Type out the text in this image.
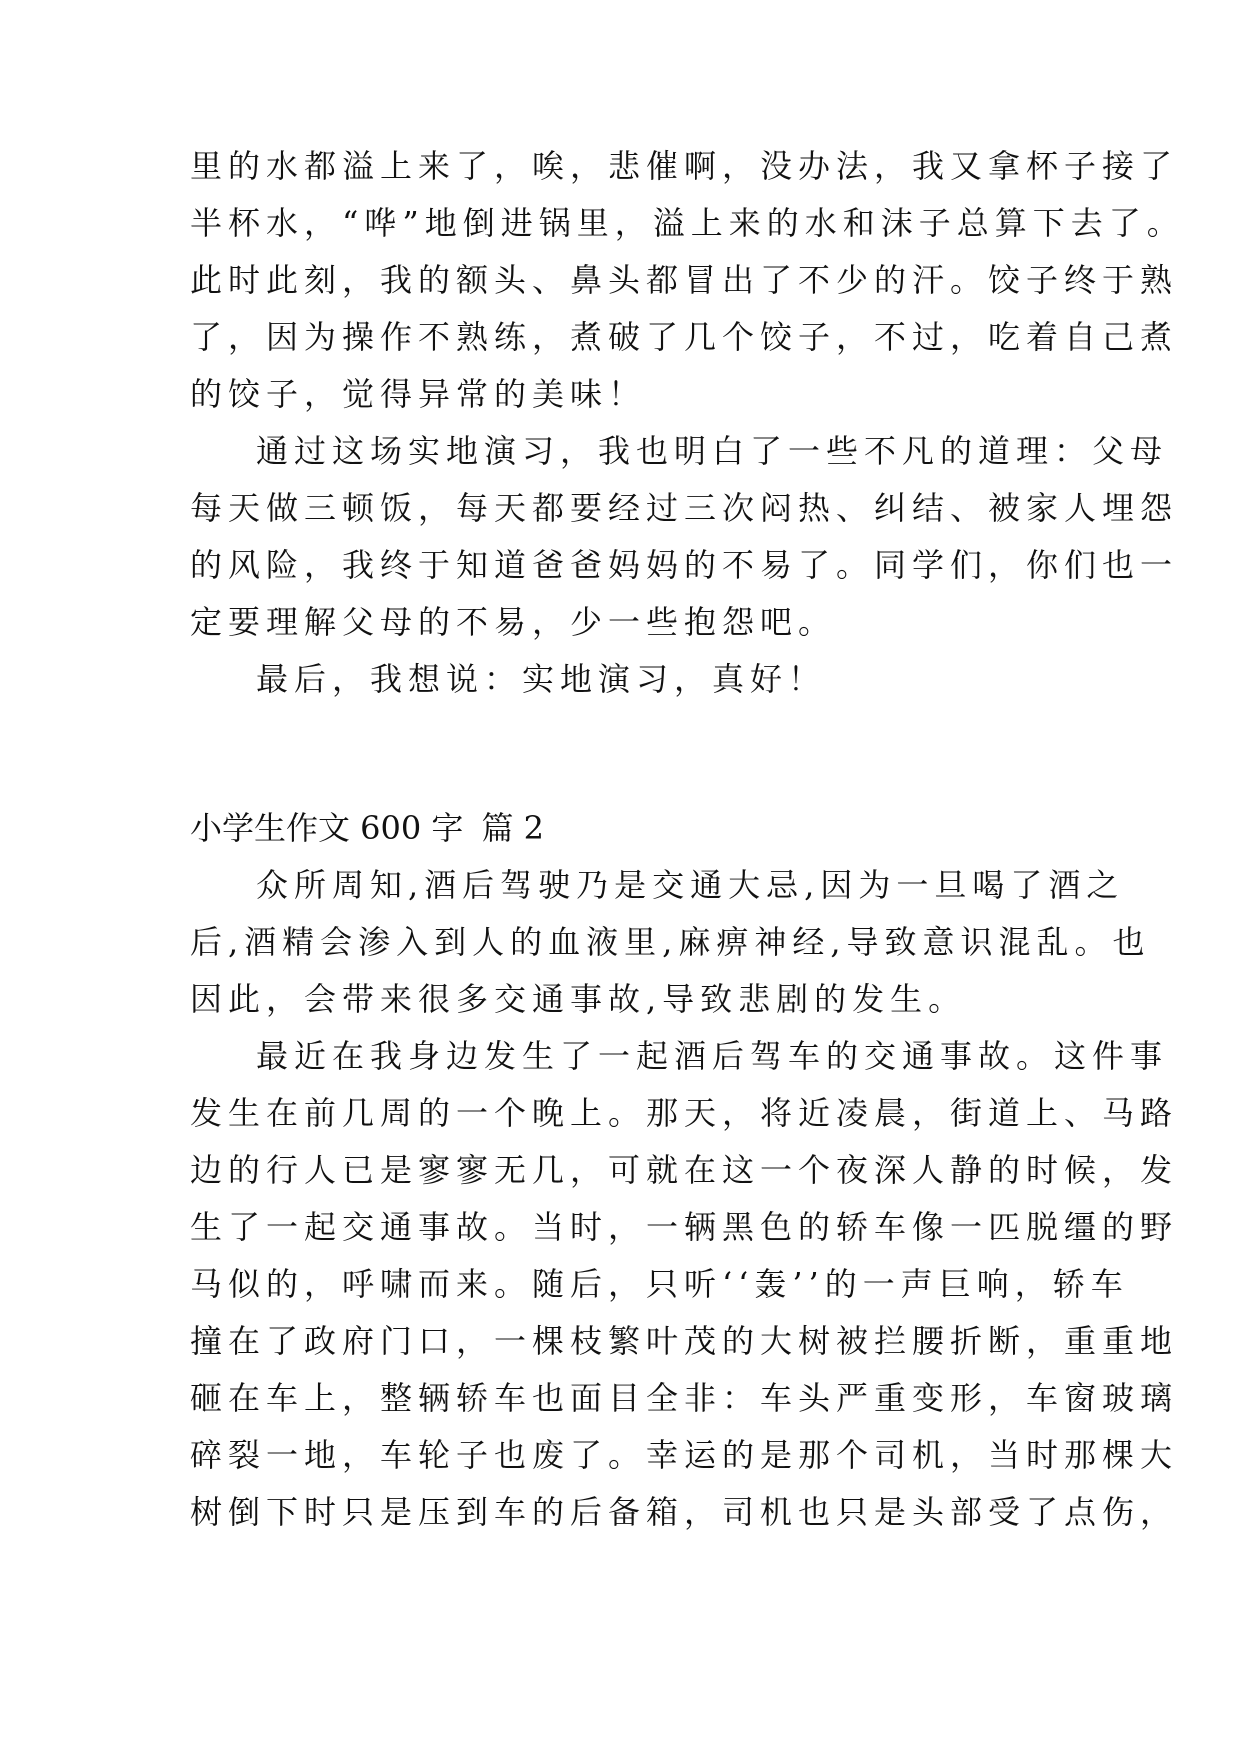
里的水都溢上来了，唉，悲催啊，没办法，我又拿杯子接了
半杯水，“哗”地倒进锅里，溢上来的水和沫子总算下去了。
此时此刻，我的额头、鼻头都冒出了不少的汗。饺子终于熟
了，因为操作不熟练，煮破了几个饺子，不过，吃着自己煮
的饺子，觉得异常的美味！
通过这场实地演习，我也明白了一些不凡的道理：父母
每天做三顿饭，每天都要经过三次闷热、纠结、被家人埋怨
的风险，我终于知道爸爸妈妈的不易了。同学们，你们也一
定要理解父母的不易，少一些抱怨吧。
最后，我想说：实地演习，真好！
小学生作文 600 字 篇 2
众所周知,酒后驾驶乃是交通大忌,因为一旦喝了酒之
后,酒精会渗入到人的血液里,麻痹神经,导致意识混乱。也
因此，会带来很多交通事故,导致悲剧的发生。
最近在我身边发生了一起酒后驾车的交通事故。这件事
发生在前几周的一个晚上。那天，将近凌晨，街道上、马路
边的行人已是寥寥无几，可就在这一个夜深人静的时候，发
生了一起交通事故。当时，一辆黑色的轿车像一匹脱缰的野
马似的，呼啸而来。随后，只听‘‘轰’’的一声巨响，轿车
撞在了政府门口，一棵枝繁叶茂的大树被拦腰折断，重重地
砸在车上，整辆轿车也面目全非：车头严重变形，车窗玻璃
碎裂一地，车轮子也废了。幸运的是那个司机，当时那棵大
树倒下时只是压到车的后备箱，司机也只是头部受了点伤，
